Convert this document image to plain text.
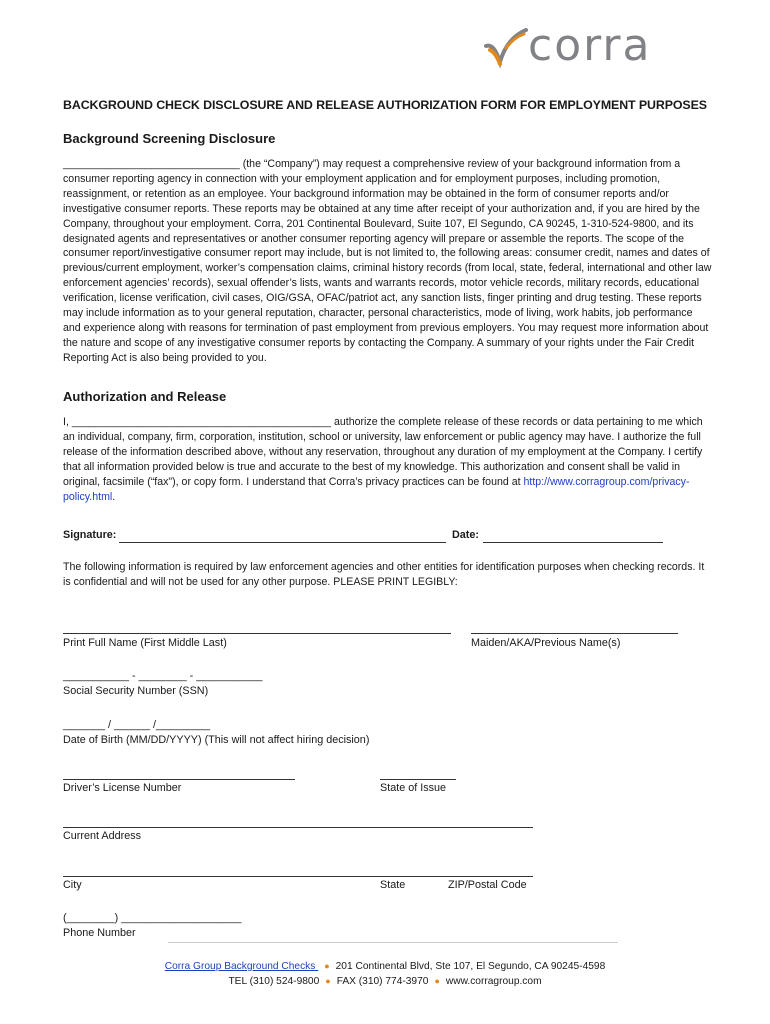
corra
BACKGROUND CHECK DISCLOSURE AND RELEASE AUTHORIZATION FORM FOR EMPLOYMENT PURPOSES
Background Screening Disclosure

______________________________ (the “Company”) may request a comprehensive review of your background information from a consumer reporting agency in connection with your employment application and for employment purposes, including promotion, reassignment, or retention as an employee. Your background information may be obtained in the form of consumer reports and/or investigative consumer reports. These reports may be obtained at any time after receipt of your authorization and, if you are hired by the Company, throughout your employment. Corra, 201 Continental Boulevard, Suite 107, El Segundo, CA 90245, 1-310-524-9800, and its designated agents and representatives or another consumer reporting agency will prepare or assemble the reports. The scope of the consumer report/investigative consumer report may include, but is not limited to, the following areas: consumer credit, names and dates of previous/current employment, worker’s compensation claims, criminal history records (from local, state, federal, international and other law enforcement agencies’ records), sexual offender’s lists, wants and warrants records, motor vehicle records, military records, educational verification, license verification, civil cases, OIG/GSA, OFAC/patriot act, any sanction lists, finger printing and drug testing. These reports may include information as to your general reputation, character, personal characteristics, mode of living, work habits, job performance and experience along with reasons for termination of past employment from previous employers. You may request more information about the nature and scope of any investigative consumer reports by contacting the Company. A summary of your rights under the Fair Credit Reporting Act is also being provided to you.

Authorization and Release

I, ____________________________________________ authorize the complete release of these records or data pertaining to me which an individual, company, firm, corporation, institution, school or university, law enforcement or public agency may have. I authorize the full release of the information described above, without any reservation, throughout any duration of my employment at the Company. I certify that all information provided below is true and accurate to the best of my knowledge. This authorization and consent shall be valid in original, facsimile (“fax"), or copy form. I understand that Corra’s privacy practices can be found at http://www.corragroup.com/privacy-policy.html.

Signature:	Date:

The following information is required by law enforcement agencies and other entities for identification purposes when checking records. It is confidential and will not be used for any other purpose. PLEASE PRINT LEGIBLY:

Print Full Name (First Middle Last)	Maiden/AKA/Previous Name(s)
___________ - ________ - ___________
Social Security Number (SSN)
_______ / ______ /_________
Date of Birth (MM/DD/YYYY) (This will not affect hiring decision)
Driver’s License Number	State of Issue
Current Address
City	State	ZIP/Postal Code
(________) ____________________
Phone Number
Corra Group Background Checks ● 201 Continental Blvd, Ste 107, El Segundo, CA 90245-4598
TEL (310) 524-9800 ● FAX (310) 774-3970 ● www.corragroup.com
